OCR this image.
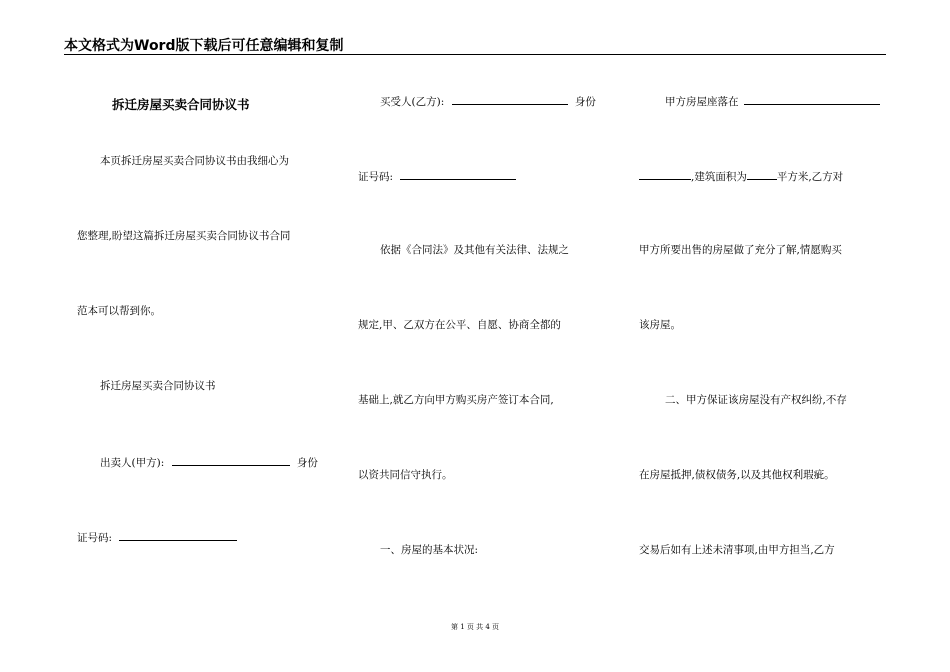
本文格式为Word版下载后可任意编辑和复制
拆迁房屋买卖合同协议书
本页拆迁房屋买卖合同协议书由我细心为
您整理,盼望这篇拆迁房屋买卖合同协议书合同
范本可以帮到你。
拆迁房屋买卖合同协议书
出卖人(甲方):	身份
证号码:
买受人(乙方):	身份
证号码:
依据《合同法》及其他有关法律、法规之
规定,甲、乙双方在公平、自愿、协商全都的
基础上,就乙方向甲方购买房产签订本合同,
以资共同信守执行。
一、房屋的基本状况:
甲方房屋座落在
,建筑面积为	平方米,乙方对
甲方所要出售的房屋做了充分了解,情愿购买
该房屋。
二、甲方保证该房屋没有产权纠纷,不存
在房屋抵押,债权债务,以及其他权利瑕疵。
交易后如有上述未清事项,由甲方担当,乙方
第 1 页 共 4 页
